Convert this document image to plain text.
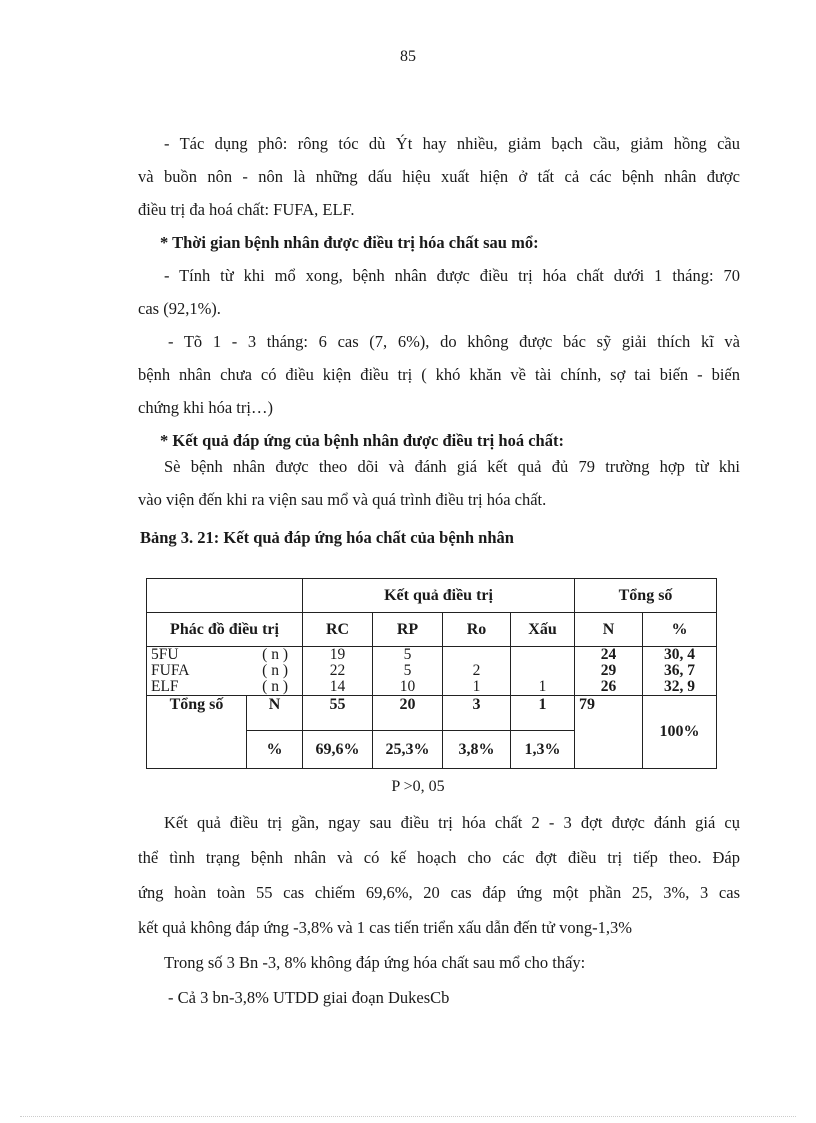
85
- Tác dụng phô: rông tóc dù Ýt hay nhiều, giảm bạch cầu, giảm hồng cầu
và buồn nôn - nôn là những dấu hiệu xuất hiện ở tất cả các bệnh nhân được
điều trị đa hoá chất: FUFA, ELF.
* Thời gian bệnh nhân được điều trị hóa chất sau mổ:
- Tính từ khi mổ xong, bệnh nhân được điều trị hóa chất dưới 1 tháng: 70
cas (92,1%).
- Tõ 1 - 3 tháng: 6 cas (7, 6%), do không được bác sỹ giải thích kĩ và
bệnh nhân chưa có điều kiện điều trị ( khó khăn về tài chính, sợ tai biến - biến
chứng khi hóa trị…)
* Kết quả đáp ứng của bệnh nhân được điều trị hoá chất:
Sè bệnh nhân được theo dõi và đánh giá kết quả đủ 79 trường hợp từ khi
vào viện đến khi ra viện sau mổ và quá trình điều trị hóa chất.
Bảng 3. 21: Kết quả đáp ứng hóa chất của bệnh nhân
		Kết quả điều trị				Tổng số	
Phác đồ điều trị		RC	RP	Ro	Xấu	N	%
5FU ( n )		19	5			24	30, 4
FUFA ( n )		22	5	2		29	36, 7
ELF ( n )		14	10	1	1	26	32, 9
Tổng số	N	55	20	3	1	79	100%
	%	69,6%	25,3%	3,8%	1,3%		
P >0, 05
Kết quả điều trị gần, ngay sau điều trị hóa chất 2 - 3 đợt được đánh giá cụ
thể tình trạng bệnh nhân và có kế hoạch cho các đợt điều trị tiếp theo. Đáp
ứng hoàn toàn 55 cas chiếm 69,6%, 20 cas đáp ứng một phần 25, 3%, 3 cas
kết quả không đáp ứng -3,8% và 1 cas tiến triển xấu dẫn đến tử vong-1,3%
Trong số 3 Bn -3, 8% không đáp ứng hóa chất sau mổ cho thấy:
- Cả 3 bn-3,8% UTDD giai đoạn DukesCb
